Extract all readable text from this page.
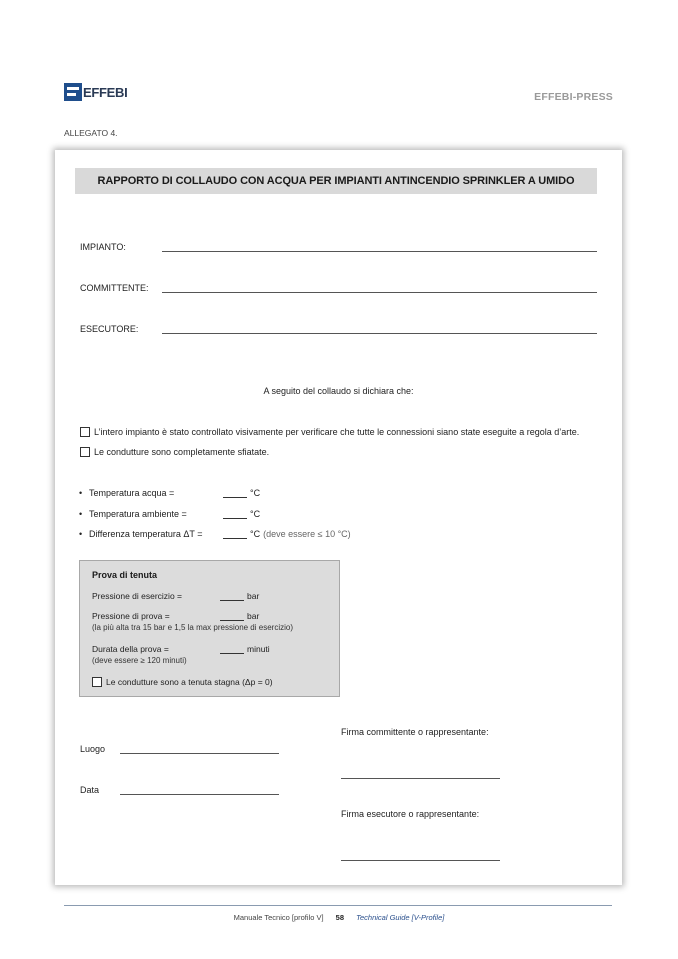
EFFEBI	EFFEBI-PRESS
ALLEGATO 4.
RAPPORTO DI COLLAUDO CON ACQUA PER IMPIANTI ANTINCENDIO SPRINKLER A UMIDO
IMPIANTO:
COMMITTENTE:
ESECUTORE:
A seguito del collaudo si dichiara che:
L’intero impianto è stato controllato visivamente per verificare che tutte le connessioni siano state eseguite a regola d’arte.
Le condutture sono completamente sfiatate.
• Temperatura acqua =	°C
• Temperatura ambiente =	°C
• Differenza temperatura ΔT =	°C (deve essere ≤ 10 °C)
Prova di tenuta
Pressione di esercizio =	bar
Pressione di prova =	bar
(la più alta tra 15 bar e 1,5 la max pressione di esercizio)
Durata della prova =	minuti
(deve essere ≥ 120 minuti)
Le condutture sono a tenuta stagna (Δp = 0)
Firma committente o rappresentante:
Luogo
Data
Firma esecutore o rappresentante:
Manuale Tecnico [profilo V] 58 Technical Guide [V-Profile]
